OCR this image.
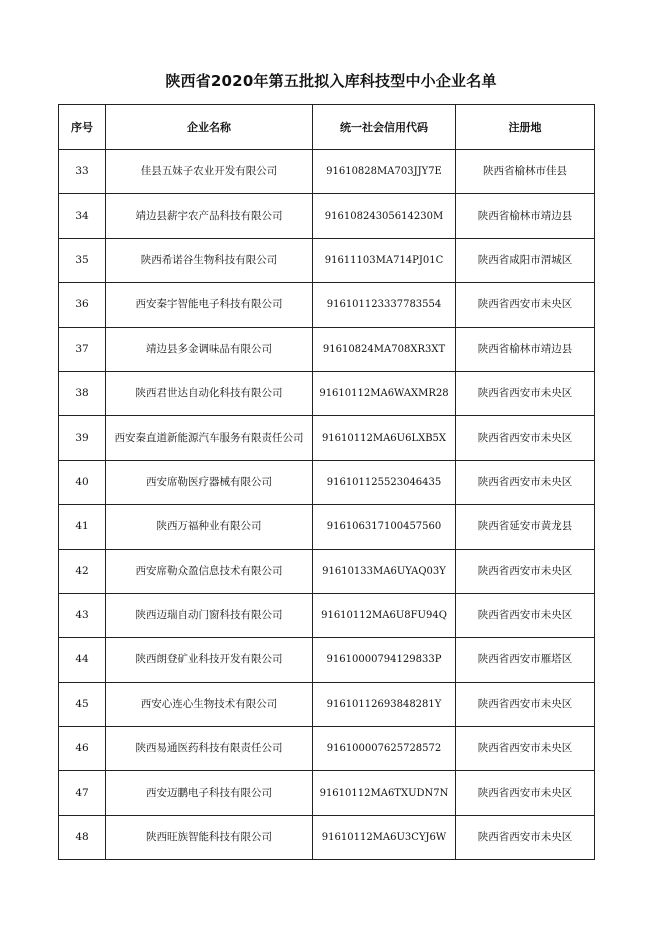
陕西省2020年第五批拟入库科技型中小企业名单
序号	企业名称	统一社会信用代码	注册地
33	佳县五妹子农业开发有限公司	91610828MA703JJY7E	陕西省榆林市佳县
34	靖边县薪宇农产品科技有限公司	91610824305614230M	陕西省榆林市靖边县
35	陕西希诺谷生物科技有限公司	91611103MA714PJ01C	陕西省咸阳市渭城区
36	西安秦宇智能电子科技有限公司	916101123337783554	陕西省西安市未央区
37	靖边县多金调味品有限公司	91610824MA708XR3XT	陕西省榆林市靖边县
38	陕西君世达自动化科技有限公司	91610112MA6WAXMR28	陕西省西安市未央区
39	西安秦直道新能源汽车服务有限责任公司	91610112MA6U6LXB5X	陕西省西安市未央区
40	西安席勒医疗器械有限公司	916101125523046435	陕西省西安市未央区
41	陕西万福种业有限公司	916106317100457560	陕西省延安市黄龙县
42	西安席勒众盈信息技术有限公司	91610133MA6UYAQ03Y	陕西省西安市未央区
43	陕西迈瑞自动门窗科技有限公司	91610112MA6U8FU94Q	陕西省西安市未央区
44	陕西朗登矿业科技开发有限公司	91610000794129833P	陕西省西安市雁塔区
45	西安心连心生物技术有限公司	91610112693848281Y	陕西省西安市未央区
46	陕西易通医药科技有限责任公司	916100007625728572	陕西省西安市未央区
47	西安迈鹏电子科技有限公司	91610112MA6TXUDN7N	陕西省西安市未央区
48	陕西旺族智能科技有限公司	91610112MA6U3CYJ6W	陕西省西安市未央区
